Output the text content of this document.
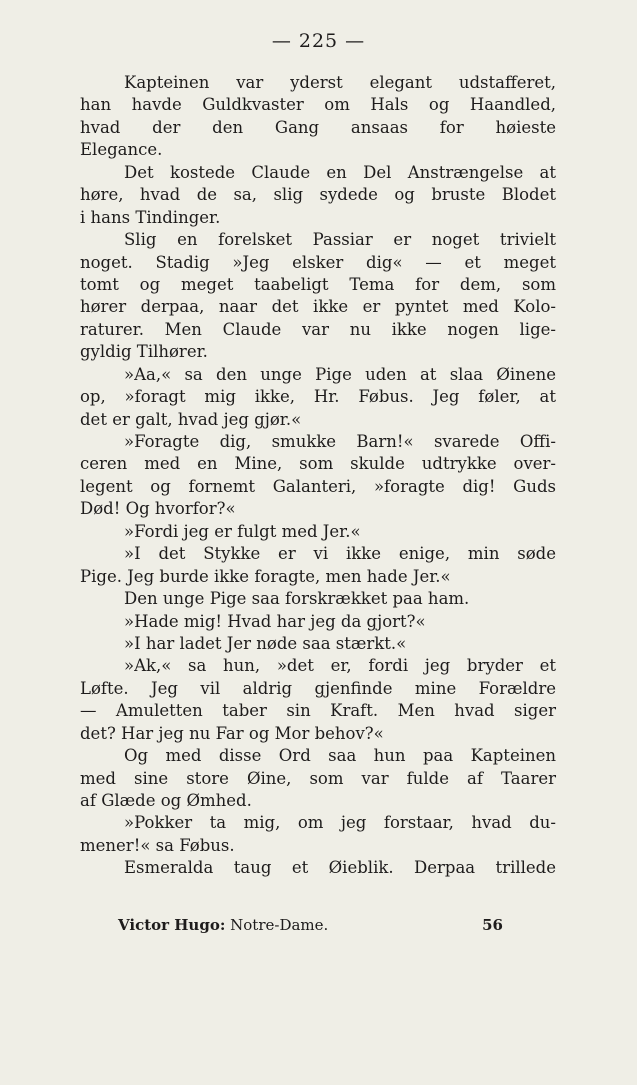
— 225 —
Kapteinen var yderst elegant udstafferet,
han havde Guldkvaster om Hals og Haandled,
hvad der den Gang ansaas for høieste
Elegance.
Det kostede Claude en Del Anstrængelse at
høre, hvad de sa, slig sydede og bruste Blodet
i hans Tindinger.
Slig en forelsket Passiar er noget trivielt
noget. Stadig »Jeg elsker dig« — et meget
tomt og meget taabeligt Tema for dem, som
hører derpaa, naar det ikke er pyntet med Kolo-
raturer. Men Claude var nu ikke nogen lige-
gyldig Tilhører.
»Aa,« sa den unge Pige uden at slaa Øinene
op, »foragt mig ikke, Hr. Føbus. Jeg føler, at
det er galt, hvad jeg gjør.«
»Foragte dig, smukke Barn!« svarede Offi-
ceren med en Mine, som skulde udtrykke over-
legent og fornemt Galanteri, »foragte dig! Guds
Død! Og hvorfor?«
»Fordi jeg er fulgt med Jer.«
»I det Stykke er vi ikke enige, min søde
Pige. Jeg burde ikke foragte, men hade Jer.«
Den unge Pige saa forskrækket paa ham.
»Hade mig! Hvad har jeg da gjort?«
»I har ladet Jer nøde saa stærkt.«
»Ak,« sa hun, »det er, fordi jeg bryder et
Løfte. Jeg vil aldrig gjenfinde mine Forældre
— Amuletten taber sin Kraft. Men hvad siger
det? Har jeg nu Far og Mor behov?«
Og med disse Ord saa hun paa Kapteinen
med sine store Øine, som var fulde af Taarer
af Glæde og Ømhed.
»Pokker ta mig, om jeg forstaar, hvad du-
mener!« sa Føbus.
Esmeralda taug et Øieblik. Derpaa trillede
Victor Hugo: Notre-Dame.	56
